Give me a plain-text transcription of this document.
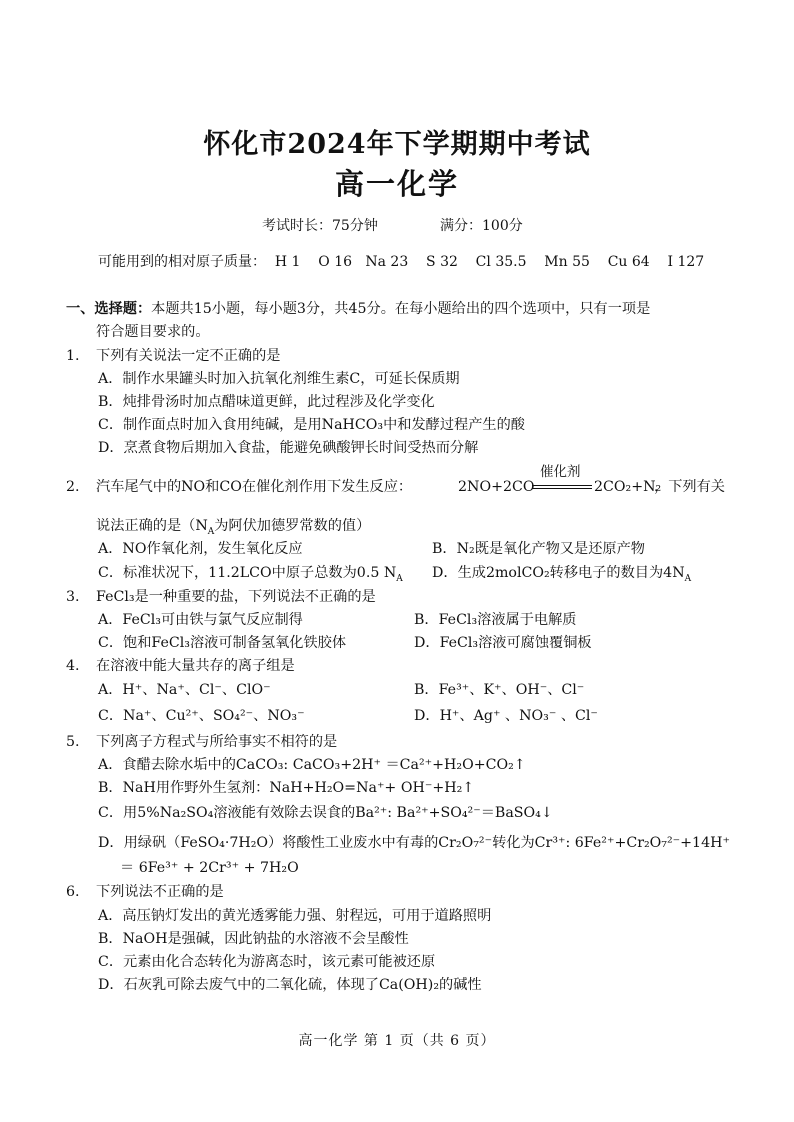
怀化市2024年下学期期中考试
高一化学
考试时长：75分钟	满分：100分
可能用到的相对原子质量：  H 1    O 16   Na 23    S 32    Cl 35.5    Mn 55    Cu 64    I 127
一、选择题：本题共15小题，每小题3分，共45分。在每小题给出的四个选项中，只有一项是
符合题目要求的。
1. 下列有关说法一定不正确的是
A．制作水果罐头时加入抗氧化剂维生素C，可延长保质期
B．炖排骨汤时加点醋味道更鲜，此过程涉及化学变化
C．制作面点时加入食用纯碱，是用NaHCO₃中和发酵过程产生的酸
D．烹煮食物后期加入食盐，能避免碘酸钾长时间受热而分解
2. 汽车尾气中的NO和CO在催化剂作用下发生反应：	2NO+2CO
催化剂
2CO₂+N₂
，下列有关
说法正确的是（$N_A$为阿伏加德罗常数的值）
A．NO作氧化剂，发生氧化反应	B．N₂既是氧化产物又是还原产物
C．标准状况下，11.2LCO中原子总数为0.5 $N_A$ D．生成2molCO₂转移电子的数目为$4N_A$
3. FeCl₃是一种重要的盐，下列说法不正确的是
A．FeCl₃可由铁与氯气反应制得	B．FeCl₃溶液属于电解质
C．饱和FeCl₃溶液可制备氢氧化铁胶体	D．FeCl₃溶液可腐蚀覆铜板
4. 在溶液中能大量共存的离子组是
A．H⁺、Na⁺、Cl⁻、ClO⁻	B．Fe³⁺、K⁺、OH⁻、Cl⁻
C．Na⁺、Cu²⁺、SO₄²⁻、NO₃⁻	D．H⁺、Ag⁺ 、NO₃⁻ 、Cl⁻
5. 下列离子方程式与所给事实不相符的是
A．食醋去除水垢中的CaCO₃: CaCO₃+2H⁺ ＝Ca²⁺+H₂O+CO₂↑
B．NaH用作野外生氢剂：NaH+H₂O=Na⁺+ OH⁻+H₂↑
C．用5%Na₂SO₄溶液能有效除去误食的Ba²⁺: Ba²⁺+SO₄²⁻＝BaSO₄↓
D．用绿矾（FeSO₄·7H₂O）将酸性工业废水中有毒的Cr₂O₇²⁻转化为Cr³⁺: 6Fe²⁺+Cr₂O₇²⁻+14H⁺
＝ 6Fe³⁺ + 2Cr³⁺ + 7H₂O
6. 下列说法不正确的是
A．高压钠灯发出的黄光透雾能力强、射程远，可用于道路照明
B．NaOH是强碱，因此钠盐的水溶液不会呈酸性
C．元素由化合态转化为游离态时，该元素可能被还原
D．石灰乳可除去废气中的二氧化硫，体现了Ca(OH)₂的碱性
高一化学 第 1 页（共 6 页）
